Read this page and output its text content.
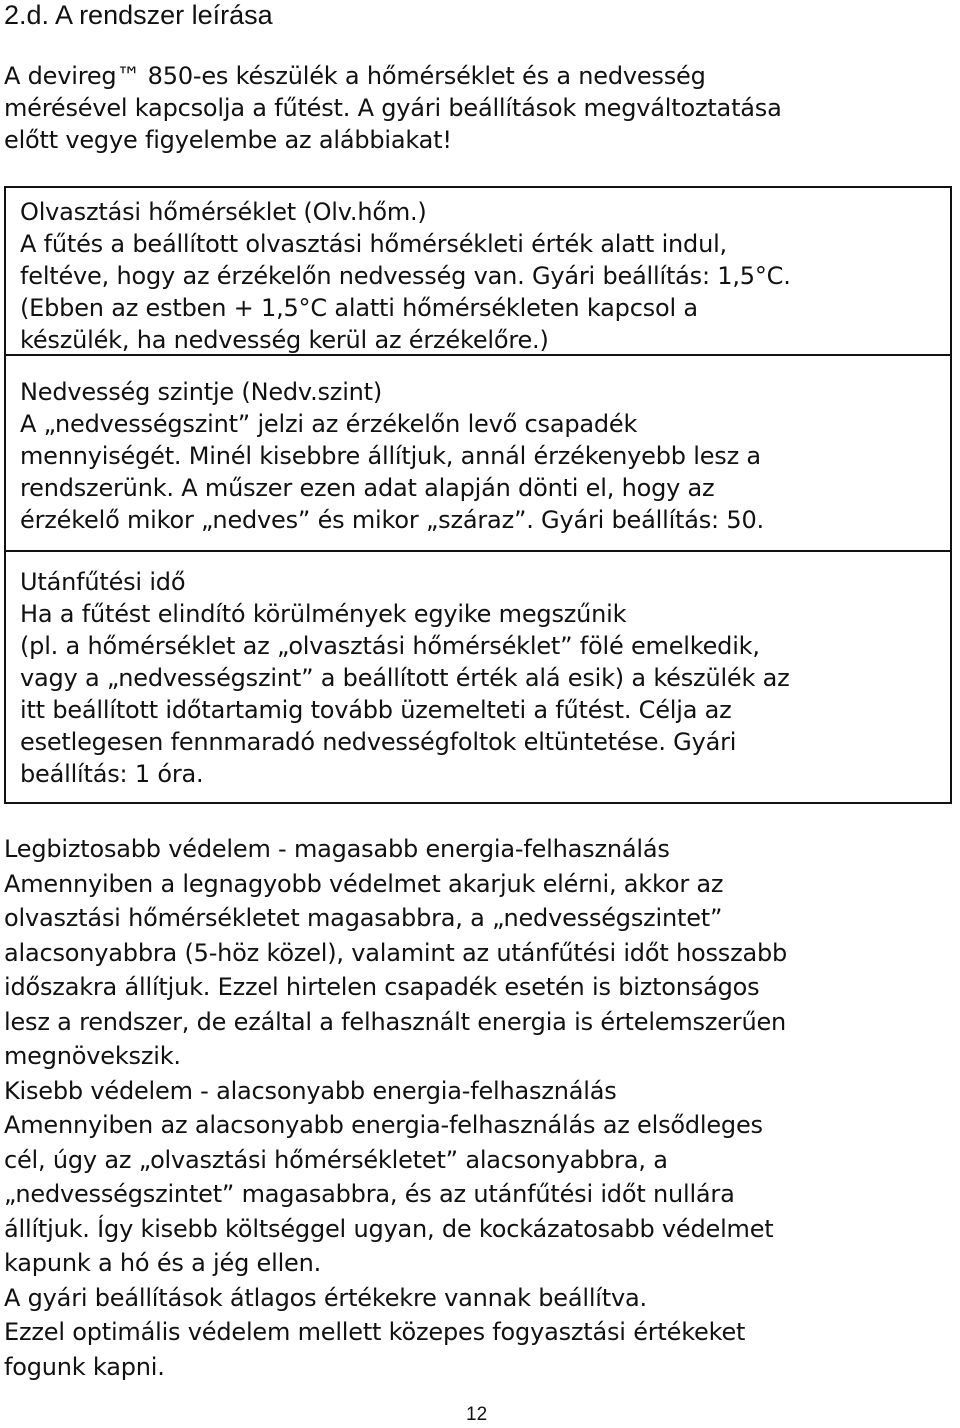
2.d. A rendszer leírása

A devireg™ 850-es készülék a hőmérséklet és a nedvesség
mérésével kapcsolja a fűtést. A gyári beállítások megváltoztatása
előtt vegye figyelembe az alábbiakat!

Olvasztási hőmérséklet (Olv.hőm.)
A fűtés a beállított olvasztási hőmérsékleti érték alatt indul,
feltéve, hogy az érzékelőn nedvesség van. Gyári beállítás: 1,5°C.
(Ebben az estben + 1,5°C alatti hőmérsékleten kapcsol a
készülék, ha nedvesség kerül az érzékelőre.)

Nedvesség szintje (Nedv.szint)
A „nedvességszint” jelzi az érzékelőn levő csapadék
mennyiségét. Minél kisebbre állítjuk, annál érzékenyebb lesz a
rendszerünk. A műszer ezen adat alapján dönti el, hogy az
érzékelő mikor „nedves” és mikor „száraz”. Gyári beállítás: 50.

Utánfűtési idő
Ha a fűtést elindító körülmények egyike megszűnik
(pl. a hőmérséklet az „olvasztási hőmérséklet” fölé emelkedik,
vagy a „nedvességszint” a beállított érték alá esik) a készülék az
itt beállított időtartamig tovább üzemelteti a fűtést. Célja az
esetlegesen fennmaradó nedvességfoltok eltüntetése. Gyári
beállítás: 1 óra.

Legbiztosabb védelem - magasabb energia-felhasználás
Amennyiben a legnagyobb védelmet akarjuk elérni, akkor az
olvasztási hőmérsékletet magasabbra, a „nedvességszintet”
alacsonyabbra (5-höz közel), valamint az utánfűtési időt hosszabb
időszakra állítjuk. Ezzel hirtelen csapadék esetén is biztonságos
lesz a rendszer, de ezáltal a felhasznált energia is értelemszerűen
megnövekszik.
Kisebb védelem - alacsonyabb energia-felhasználás
Amennyiben az alacsonyabb energia-felhasználás az elsődleges
cél, úgy az „olvasztási hőmérsékletet” alacsonyabbra, a
„nedvességszintet” magasabbra, és az utánfűtési időt nullára
állítjuk. Így kisebb költséggel ugyan, de kockázatosabb védelmet
kapunk a hó és a jég ellen.
A gyári beállítások átlagos értékekre vannak beállítva.
Ezzel optimális védelem mellett közepes fogyasztási értékeket
fogunk kapni.

12
